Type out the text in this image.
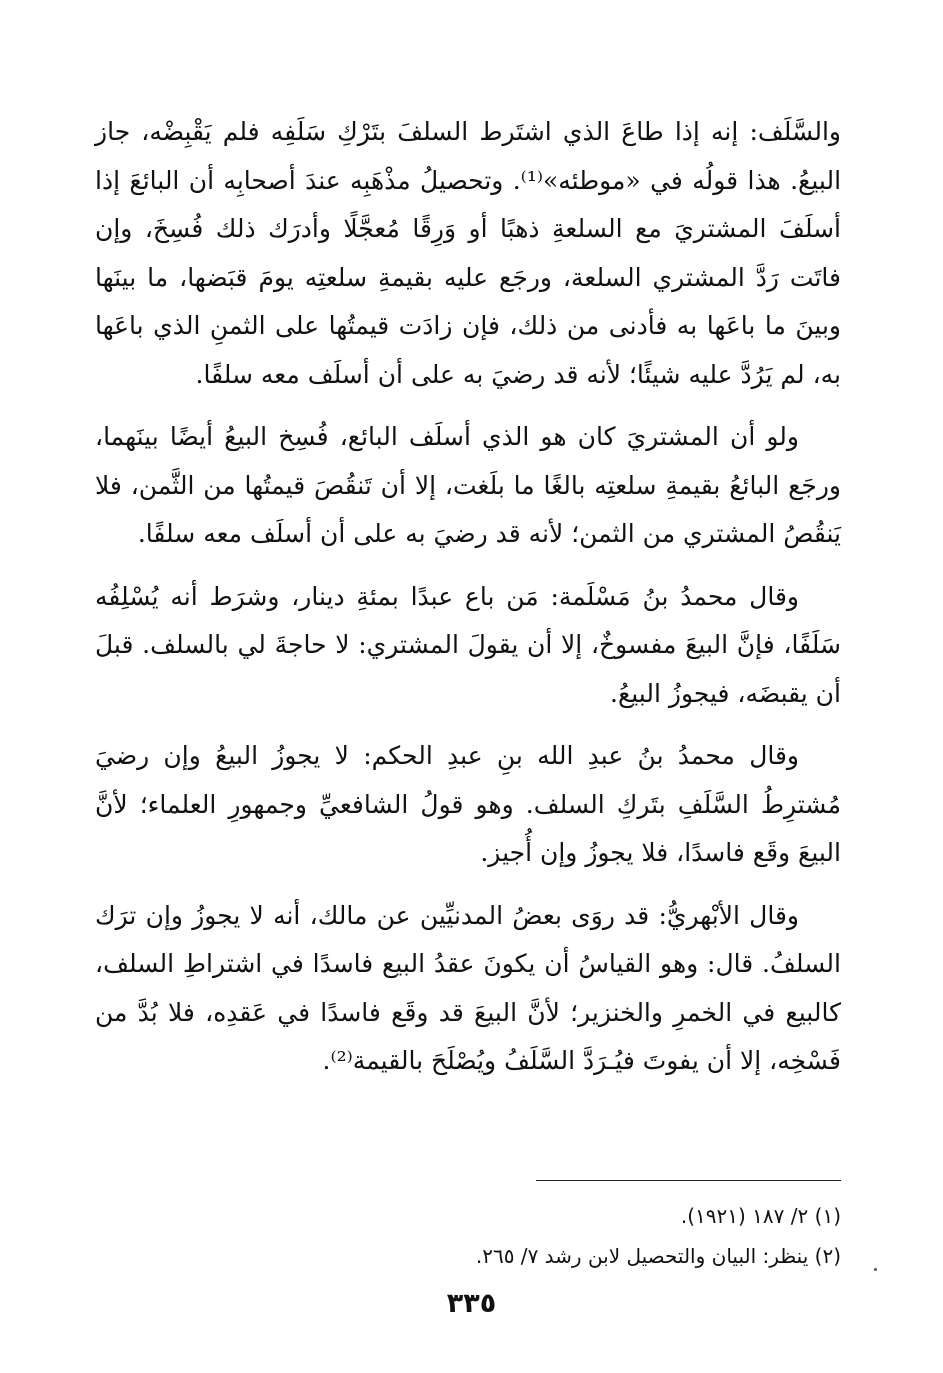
والسَّلَف: إنه إذا طاعَ الذي اشتَرط السلفَ بتَرْكِ سَلَفِه فلم يَقْبِضْه، جاز البيعُ. هذا قولُه في «موطئه»⁽¹⁾. وتحصيلُ مذْهَبِه عندَ أصحابِه أن البائعَ إذا أسلَفَ المشتريَ مع السلعةِ ذهبًا أو وَرِقًا مُعجَّلًا وأدرَك ذلك فُسِخَ، وإن فاتَت رَدَّ المشتري السلعة، ورجَع عليه بقيمةِ سلعتِه يومَ قبَضها، ما بينَها وبينَ ما باعَها به فأدنى من ذلك، فإن زادَت قيمتُها على الثمنِ الذي باعَها به، لم يَرُدَّ عليه شيئًا؛ لأنه قد رضيَ به على أن أسلَف معه سلفًا.

ولو أن المشتريَ كان هو الذي أسلَف البائع، فُسِخ البيعُ أيضًا بينَهما، ورجَع البائعُ بقيمةِ سلعتِه بالغًا ما بلَغت، إلا أن تَنقُصَ قيمتُها من الثَّمن، فلا يَنقُصُ المشتري من الثمن؛ لأنه قد رضيَ به على أن أسلَف معه سلفًا.

وقال محمدُ بنُ مَسْلَمة: مَن باع عبدًا بمئةِ دينار، وشرَط أنه يُسْلِفُه سَلَفًا، فإنَّ البيعَ مفسوخٌ، إلا أن يقولَ المشتري: لا حاجةَ لي بالسلف. قبلَ أن يقبضَه، فيجوزُ البيعُ.

وقال محمدُ بنُ عبدِ الله بنِ عبدِ الحكم: لا يجوزُ البيعُ وإن رضيَ مُشترِطُ السَّلَفِ بتَركِ السلف. وهو قولُ الشافعيِّ وجمهورِ العلماء؛ لأنَّ البيعَ وقَع فاسدًا، فلا يجوزُ وإن أُجيز.

وقال الأبْهريُّ: قد روَى بعضُ المدنيِّين عن مالك، أنه لا يجوزُ وإن ترَك السلفُ. قال: وهو القياسُ أن يكونَ عقدُ البيع فاسدًا في اشتراطِ السلف، كالبيع في الخمرِ والخنزير؛ لأنَّ البيعَ قد وقَع فاسدًا في عَقدِه، فلا بُدَّ من فَسْخِه، إلا أن يفوتَ فيُـرَدَّ السَّلَفُ ويُصْلَحَ بالقيمة⁽²⁾.

(١) ٢/ ١٨٧ (١٩٢١).

(٢) ينظر: البيان والتحصيل لابن رشد ٧/ ٢٦٥.

٣٣٥
